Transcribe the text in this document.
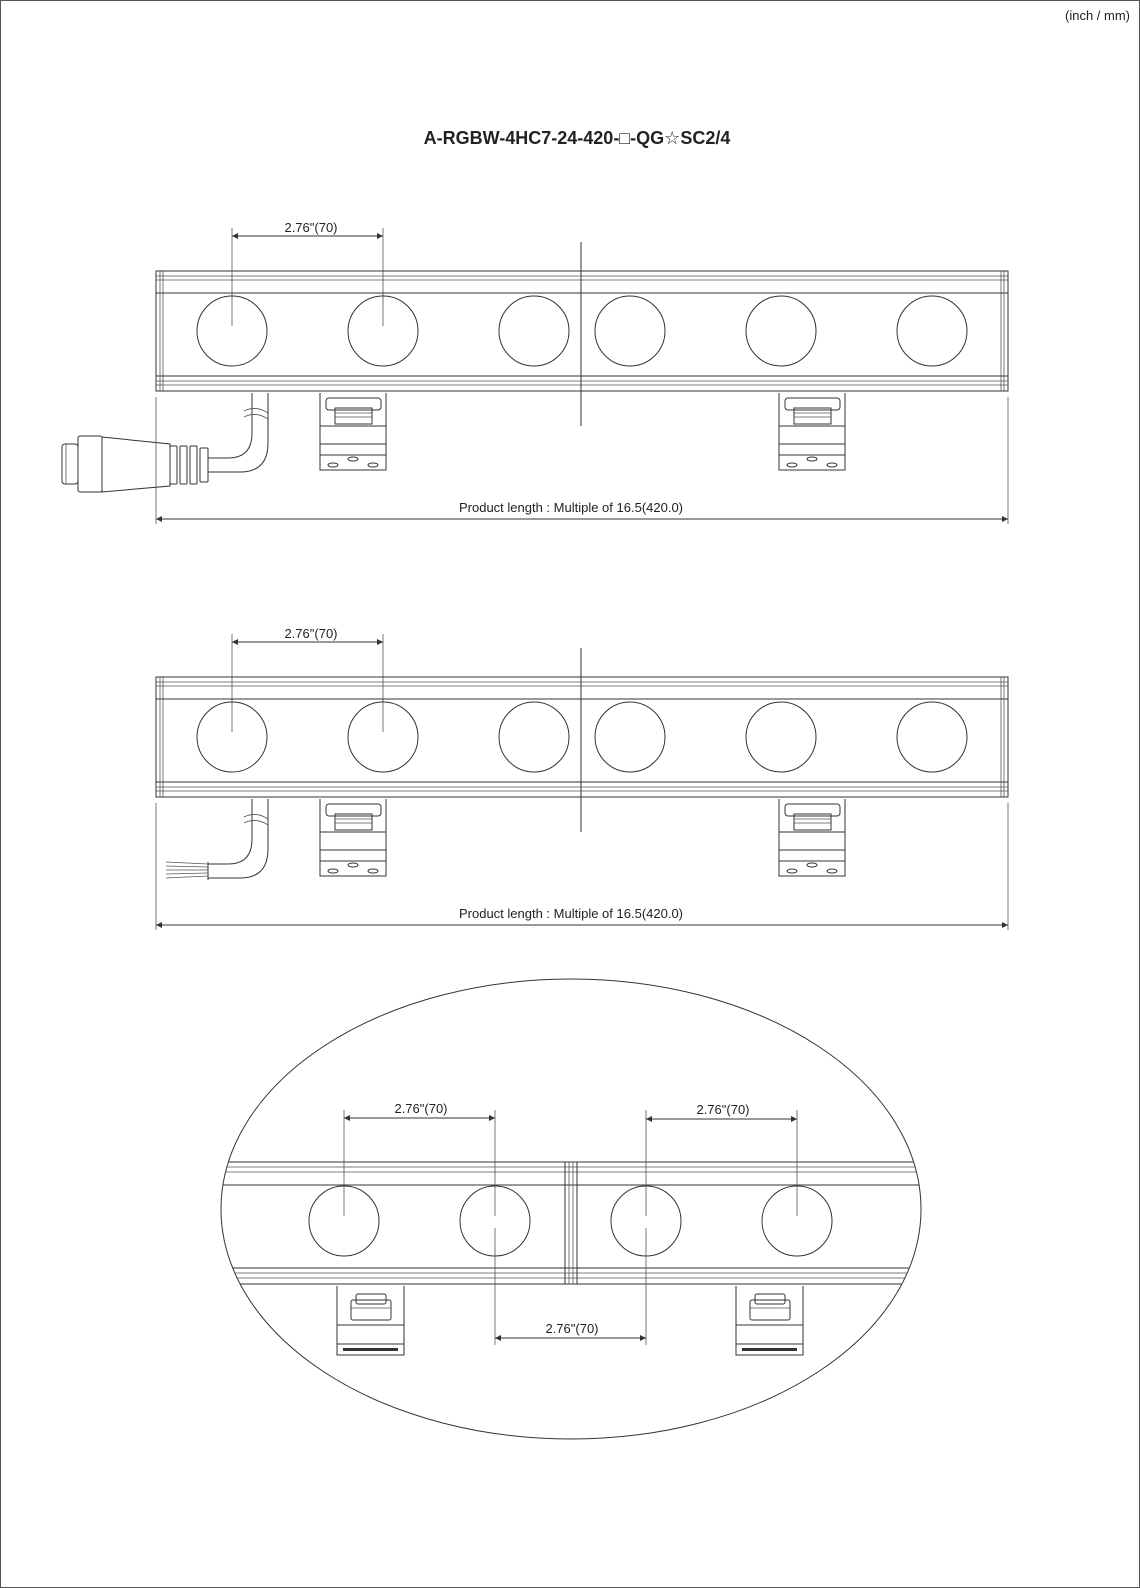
(inch / mm)
A-RGBW-4HC7-24-420-□-QG☆SC2/4
2.76"(70)
Product length : Multiple of 16.5(420.0)
2.76"(70)
Product length : Multiple of 16.5(420.0)
2.76"(70)	2.76"(70)
2.76"(70)
